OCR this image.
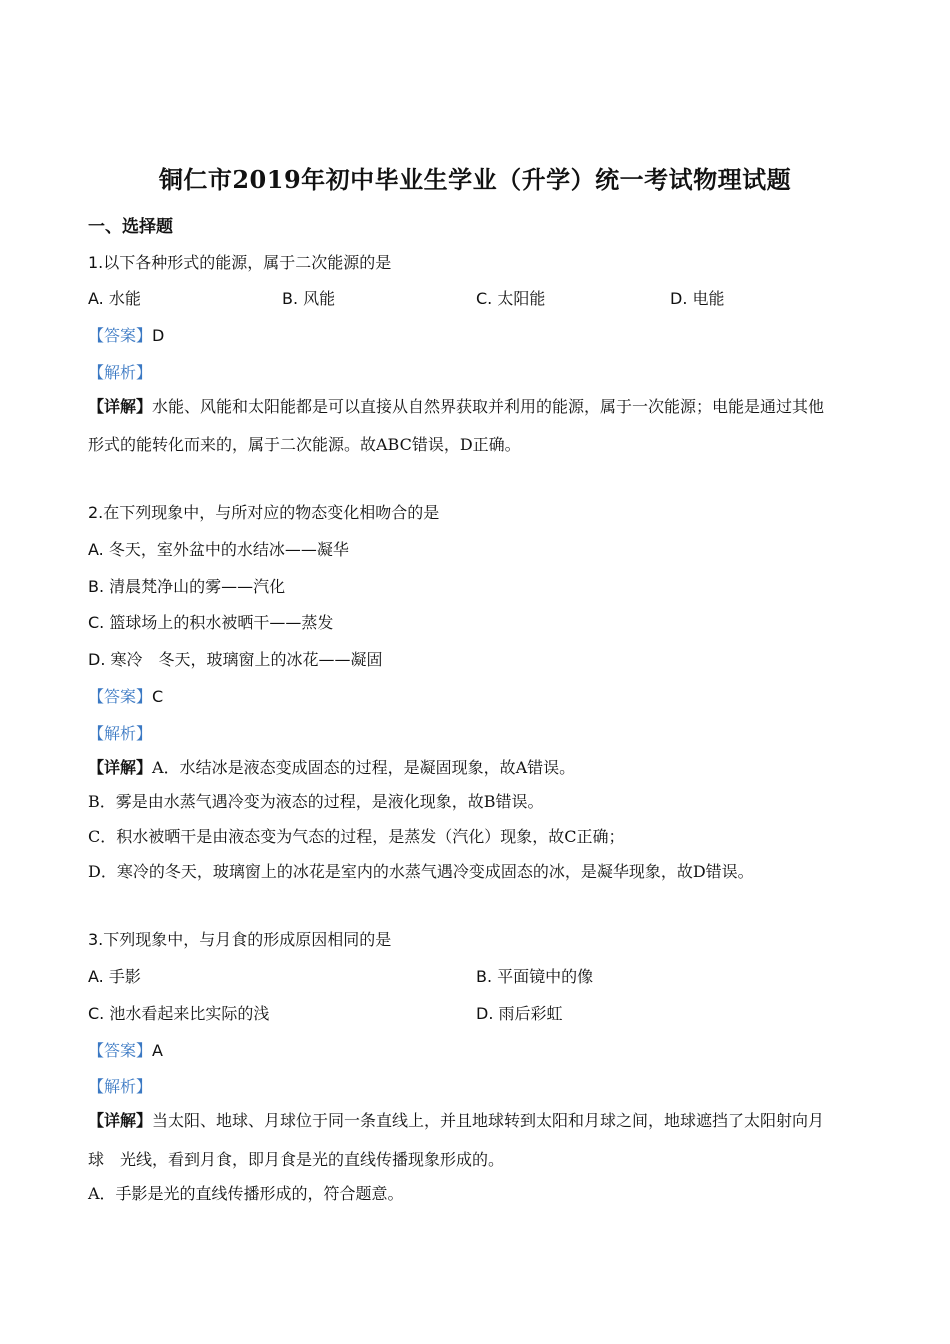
铜仁市2019年初中毕业生学业（升学）统一考试物理试题
一、选择题
1.以下各种形式的能源，属于二次能源的是
A. 水能	B. 风能	C. 太阳能	D. 电能
【答案】D
【解析】
【详解】水能、风能和太阳能都是可以直接从自然界获取并利用的能源，属于一次能源；电能是通过其他
形式的能转化而来的，属于二次能源。故ABC错误，D正确。
2.在下列现象中，与所对应的物态变化相吻合的是
A. 冬天，室外盆中的水结冰——凝华
B. 清晨梵净山的雾——汽化
C. 篮球场上的积水被晒干——蒸发
D. 寒冷　冬天，玻璃窗上的冰花——凝固
【答案】C
【解析】
【详解】A．水结冰是液态变成固态的过程，是凝固现象，故A错误。
B．雾是由水蒸气遇冷变为液态的过程，是液化现象，故B错误。
C．积水被晒干是由液态变为气态的过程，是蒸发（汽化）现象，故C正确；
D．寒冷的冬天，玻璃窗上的冰花是室内的水蒸气遇冷变成固态的冰，是凝华现象，故D错误。
3.下列现象中，与月食的形成原因相同的是
A. 手影	B. 平面镜中的像
C. 池水看起来比实际的浅	D. 雨后彩虹
【答案】A
【解析】
【详解】当太阳、地球、月球位于同一条直线上，并且地球转到太阳和月球之间，地球遮挡了太阳射向月
球　光线，看到月食，即月食是光的直线传播现象形成的。
A．手影是光的直线传播形成的，符合题意。
